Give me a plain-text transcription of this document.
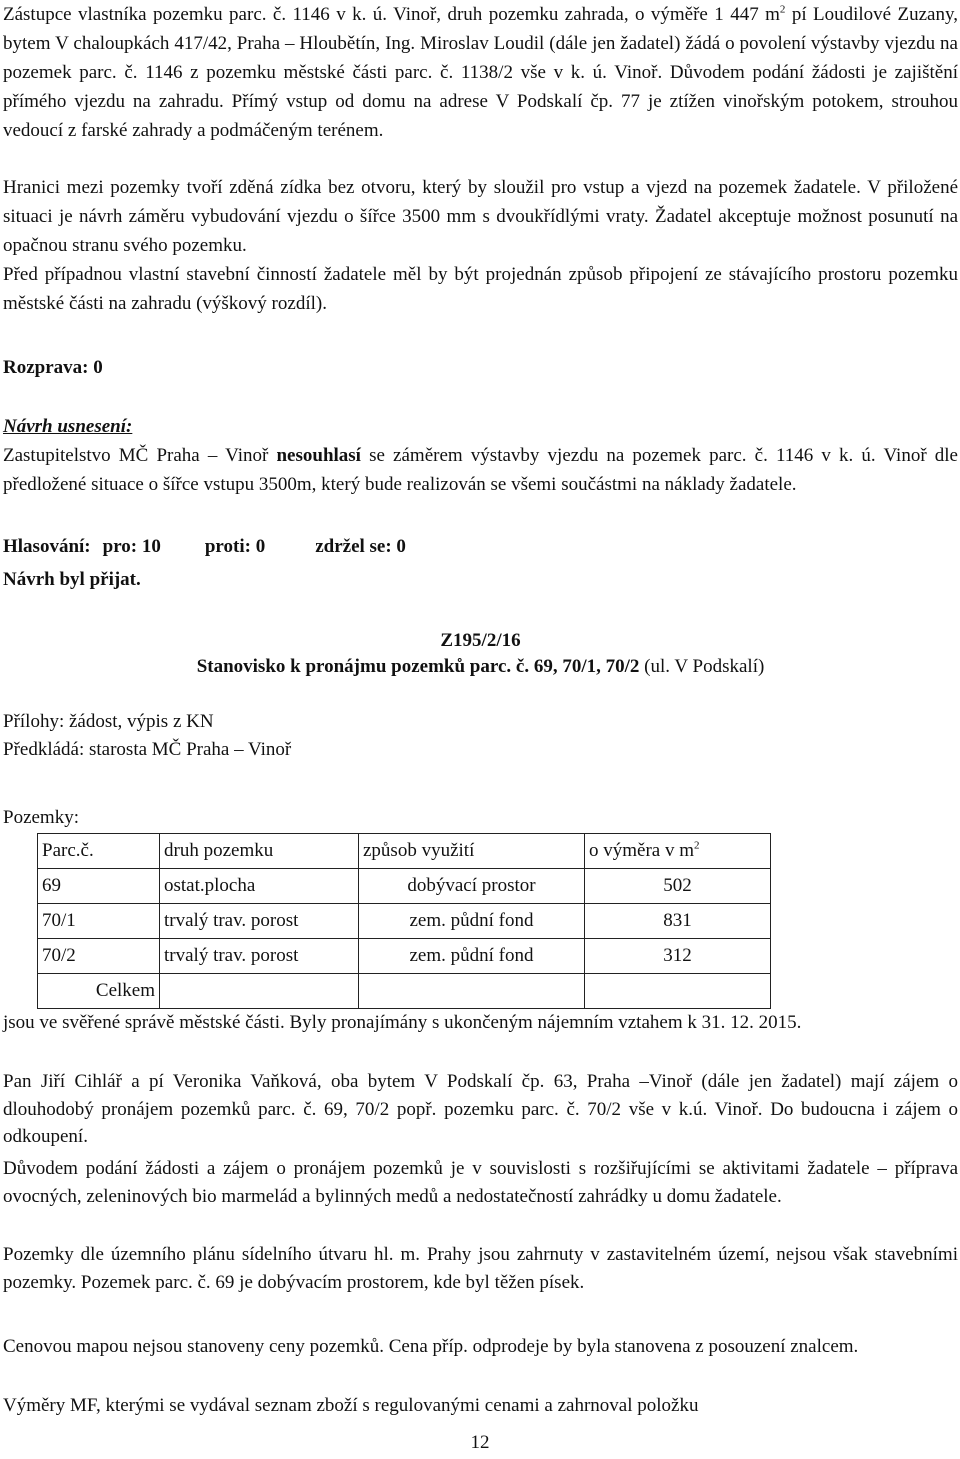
Zástupce vlastníka pozemku parc. č. 1146 v k. ú. Vinoř, druh pozemku zahrada, o výměře 1 447 $m^2$ pí Loudilové Zuzany, bytem V chaloupkách 417/42, Praha – Hloubětín, Ing. Miroslav Loudil (dále jen žadatel) žádá o povolení výstavby vjezdu na pozemek parc. č. 1146 z pozemku městské části parc. č. 1138/2 vše v k. ú. Vinoř. Důvodem podání žádosti je zajištění přímého vjezdu na zahradu. Přímý vstup od domu na adrese V Podskalí čp. 77 je ztížen vinořským potokem, strouhou vedoucí z farské zahrady a podmáčeným terénem.
Hranici mezi pozemky tvoří zděná zídka bez otvoru, který by sloužil pro vstup a vjezd na pozemek žadatele. V přiložené situaci je návrh záměru vybudování vjezdu o šířce 3500 mm s dvoukřídlými vraty. Žadatel akceptuje možnost posunutí na opačnou stranu svého pozemku.
Před případnou vlastní stavební činností žadatele měl by být projednán způsob připojení ze stávajícího prostoru pozemku městské části na zahradu (výškový rozdíl).
Rozprava: 0
Návrh usnesení:
Zastupitelstvo MČ Praha – Vinoř nesouhlasí se záměrem výstavby vjezdu na pozemek parc. č. 1146 v k. ú. Vinoř dle předložené situace o šířce vstupu 3500m, který bude realizován se všemi součástmi na náklady žadatele.
Hlasování: pro: 10 proti: 0	zdržel se: 0
Návrh byl přijat.
Z195/2/16
Stanovisko k pronájmu pozemků parc. č. 69, 70/1, 70/2 (ul. V Podskalí)
Přílohy: žádost, výpis z KN
Předkládá: starosta MČ Praha – Vinoř
Pozemky:
Parc.č.	druh pozemku	způsob využití	o výměra v $m^2$
69	ostat.plocha	dobývací prostor	502
70/1	trvalý trav. porost	zem. půdní fond	831
70/2	trvalý trav. porost	zem. půdní fond	312
Celkem			
jsou ve svěřené správě městské části. Byly pronajímány s ukončeným nájemním vztahem k 31. 12. 2015.
Pan Jiří Cihlář a pí Veronika Vaňková, oba bytem V Podskalí čp. 63, Praha –Vinoř (dále jen žadatel) mají zájem o dlouhodobý pronájem pozemků parc. č. 69, 70/2 popř. pozemku parc. č. 70/2 vše v k.ú. Vinoř. Do budoucna i zájem o odkoupení.
Důvodem podání žádosti a zájem o pronájem pozemků je v souvislosti s rozšiřujícími se aktivitami žadatele – příprava ovocných, zeleninových bio marmelád a bylinných medů a nedostatečností zahrádky u domu žadatele.
Pozemky dle územního plánu sídelního útvaru hl. m. Prahy jsou zahrnuty v zastavitelném území, nejsou však stavebními pozemky. Pozemek parc. č. 69 je dobývacím prostorem, kde byl těžen písek.
Cenovou mapou nejsou stanoveny ceny pozemků. Cena příp. odprodeje by byla stanovena z posouzení znalcem.
Výměry MF, kterými se vydával seznam zboží s regulovanými cenami a zahrnoval položku
12
